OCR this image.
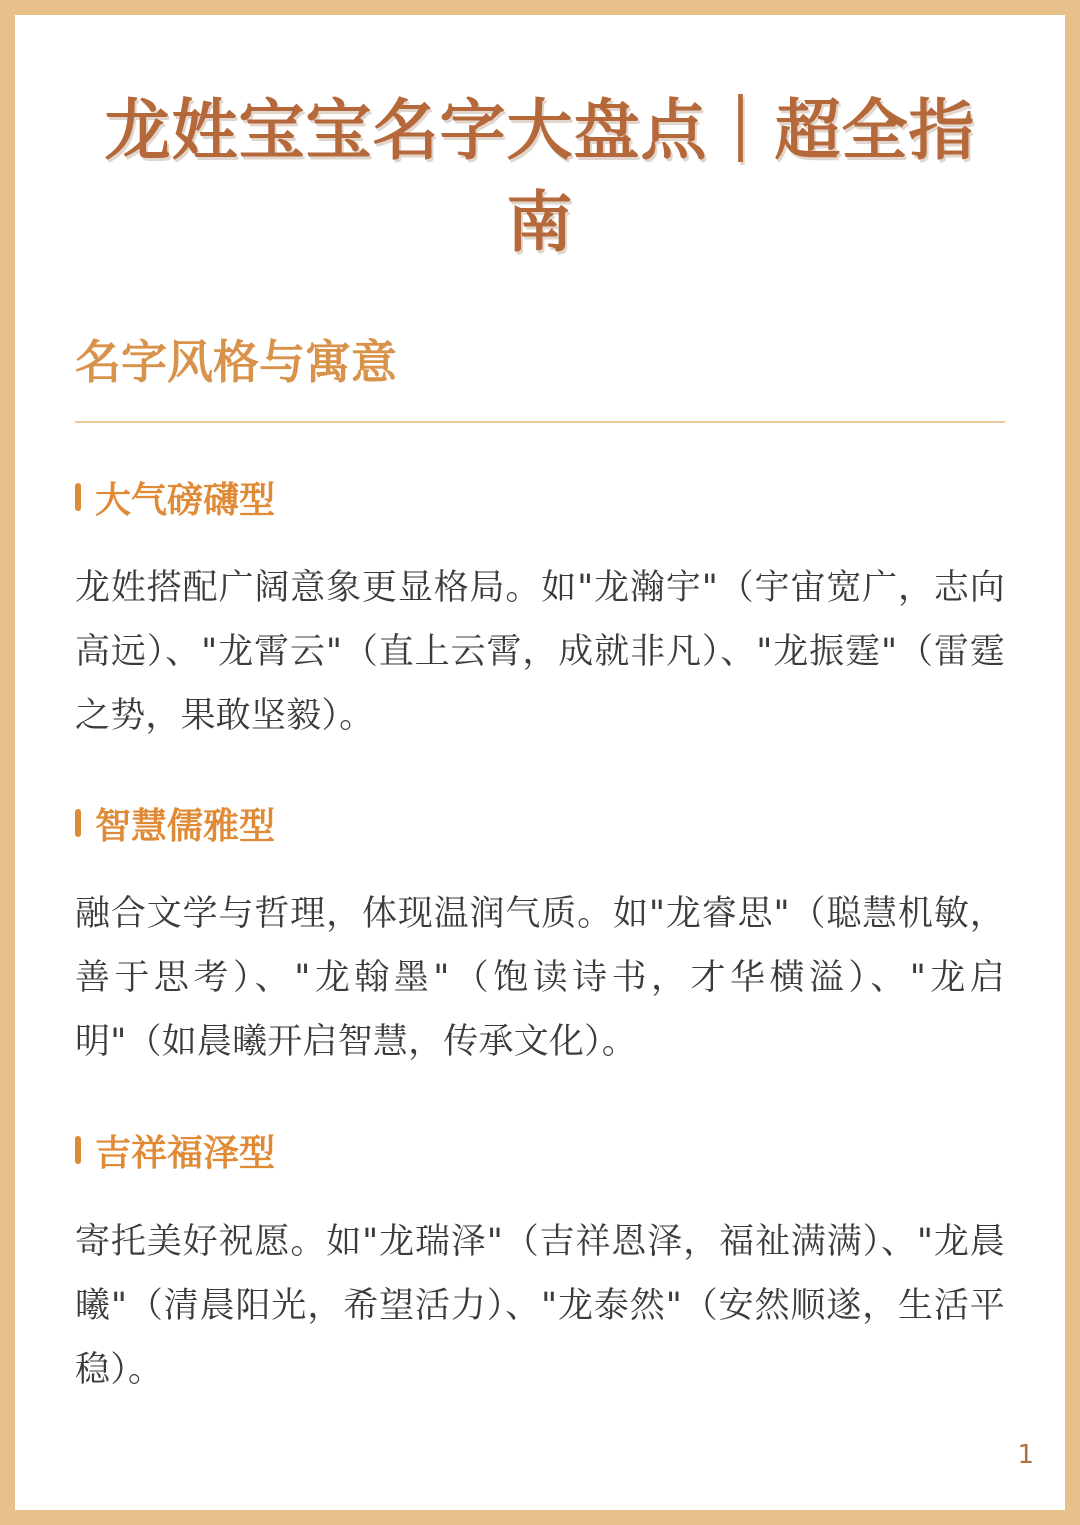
龙姓宝宝名字大盘点｜超全指
南
名字风格与寓意
大气磅礴型

龙姓搭配广阔意象更显格局。如"龙瀚宇"（宇宙宽广，志向高远）、"龙霄云"（直上云霄，成就非凡）、"龙振霆"（雷霆之势，果敢坚毅）。

智慧儒雅型

融合文学与哲理，体现温润气质。如"龙睿思"（聪慧机敏，善于思考）、"龙翰墨"（饱读诗书，才华横溢）、"龙启明"（如晨曦开启智慧，传承文化）。

吉祥福泽型

寄托美好祝愿。如"龙瑞泽"（吉祥恩泽，福祉满满）、"龙晨曦"（清晨阳光，希望活力）、"龙泰然"（安然顺遂，生活平稳）。

1
